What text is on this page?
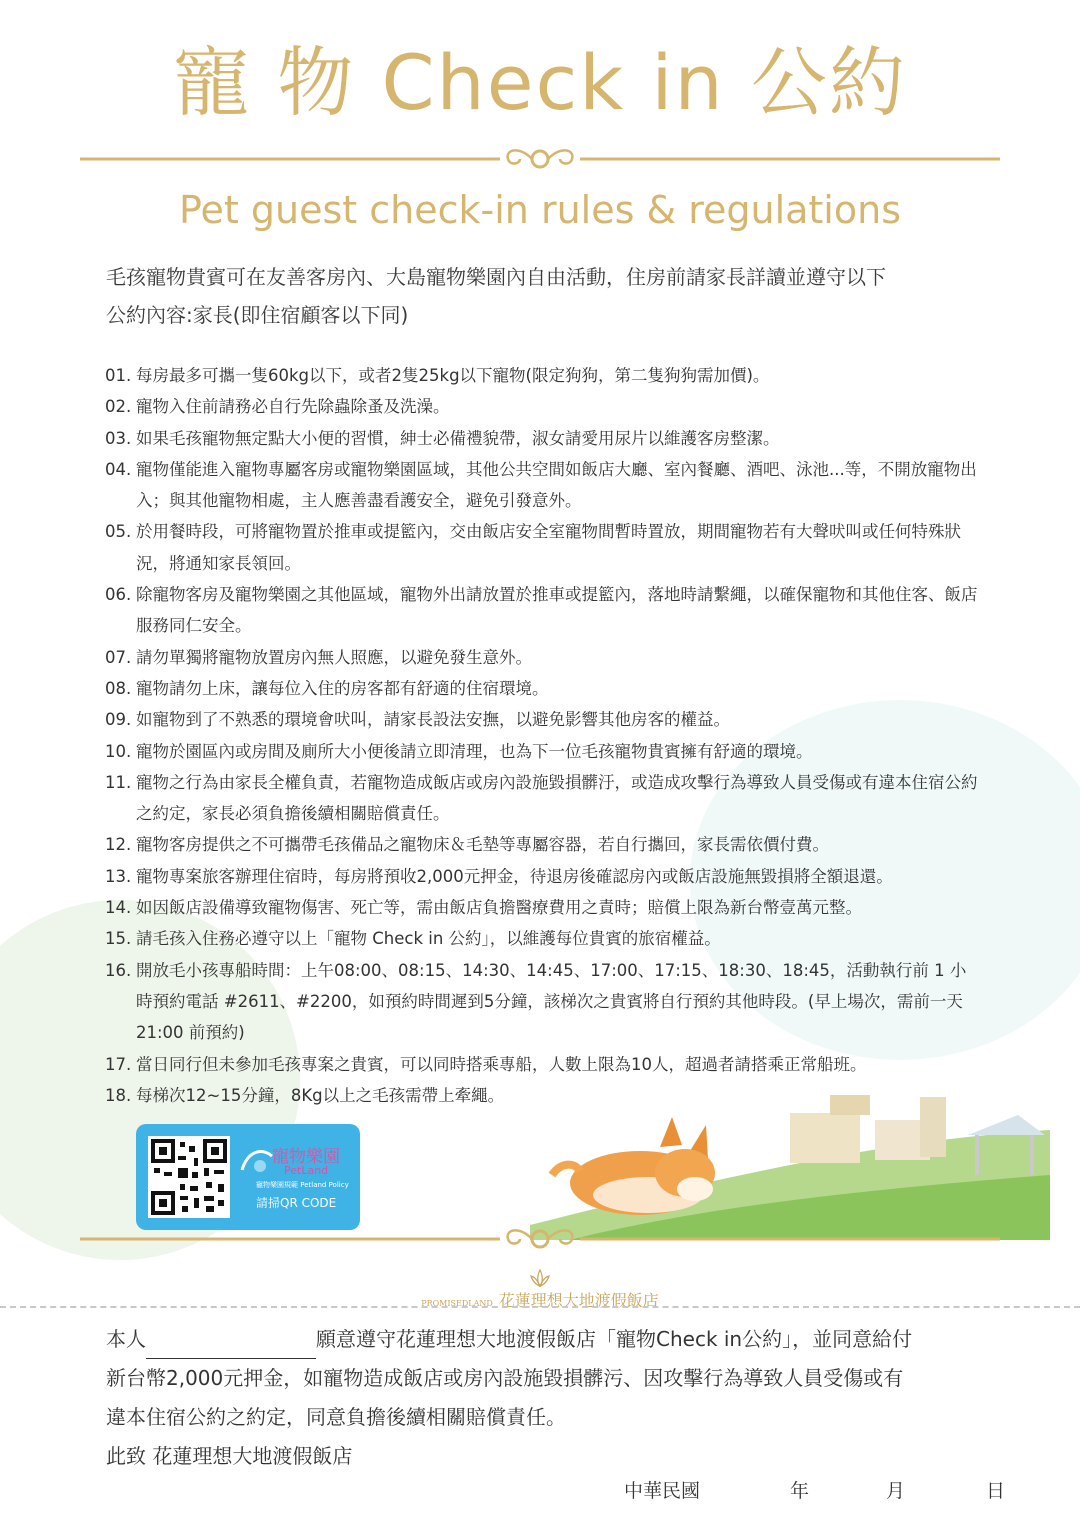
寵 物 Check in 公約
Pet guest check-in rules & regulations
毛孩寵物貴賓可在友善客房內、大島寵物樂園內自由活動，住房前請家長詳讀並遵守以下
公約內容:家長(即住宿顧客以下同)
01. 每房最多可攜一隻60kg以下，或者2隻25kg以下寵物(限定狗狗，第二隻狗狗需加價)。
02. 寵物入住前請務必自行先除蟲除蚤及洗澡。
03. 如果毛孩寵物無定點大小便的習慣，紳士必備禮貌帶，淑女請愛用尿片以維護客房整潔。
04. 寵物僅能進入寵物專屬客房或寵物樂園區域，其他公共空間如飯店大廳、室內餐廳、酒吧、泳池...等，不開放寵物出入；與其他寵物相處，主人應善盡看護安全，避免引發意外。
05. 於用餐時段，可將寵物置於推車或提籃內，交由飯店安全室寵物間暫時置放，期間寵物若有大聲吠叫或任何特殊狀況，將通知家長領回。
06. 除寵物客房及寵物樂園之其他區域，寵物外出請放置於推車或提籃內，落地時請繫繩，以確保寵物和其他住客、飯店服務同仁安全。
07. 請勿單獨將寵物放置房內無人照應，以避免發生意外。
08. 寵物請勿上床，讓每位入住的房客都有舒適的住宿環境。
09. 如寵物到了不熟悉的環境會吠叫，請家長設法安撫，以避免影響其他房客的權益。
10. 寵物於園區內或房間及廁所大小便後請立即清理，也為下一位毛孩寵物貴賓擁有舒適的環境。
11. 寵物之行為由家長全權負責，若寵物造成飯店或房內設施毀損髒汙，或造成攻擊行為導致人員受傷或有違本住宿公約之約定，家長必須負擔後續相關賠償責任。
12. 寵物客房提供之不可攜帶毛孩備品之寵物床＆毛墊等專屬容器，若自行攜回，家長需依價付費。
13. 寵物專案旅客辦理住宿時，每房將預收2,000元押金，待退房後確認房內或飯店設施無毀損將全額退還。
14. 如因飯店設備導致寵物傷害、死亡等，需由飯店負擔醫療費用之責時；賠償上限為新台幣壹萬元整。
15. 請毛孩入住務必遵守以上「寵物 Check in 公約」，以維護每位貴賓的旅宿權益。
16. 開放毛小孩專船時間：上午08:00、08:15、14:30、14:45、17:00、17:15、18:30、18:45，活動執行前 1 小時預約電話 #2611、#2200，如預約時間遲到5分鐘，該梯次之貴賓將自行預約其他時段。(早上場次，需前一天 21:00 前預約)
17. 當日同行但未參加毛孩專案之貴賓，可以同時搭乘專船，人數上限為10人，超過者請搭乘正常船班。
18. 每梯次12~15分鐘，8Kg以上之毛孩需帶上牽繩。
寵物樂園
PetLand
寵物樂園規範 Petland Policy
請掃QR CODE
PROMISEDLAND 花蓮理想大地渡假飯店
本人	願意遵守花蓮理想大地渡假飯店「寵物Check in公約」，並同意給付
新台幣2,000元押金，如寵物造成飯店或房內設施毀損髒污、因攻擊行為導致人員受傷或有
違本住宿公約之約定，同意負擔後續相關賠償責任。
此致 花蓮理想大地渡假飯店
中華民國	年	月	日
